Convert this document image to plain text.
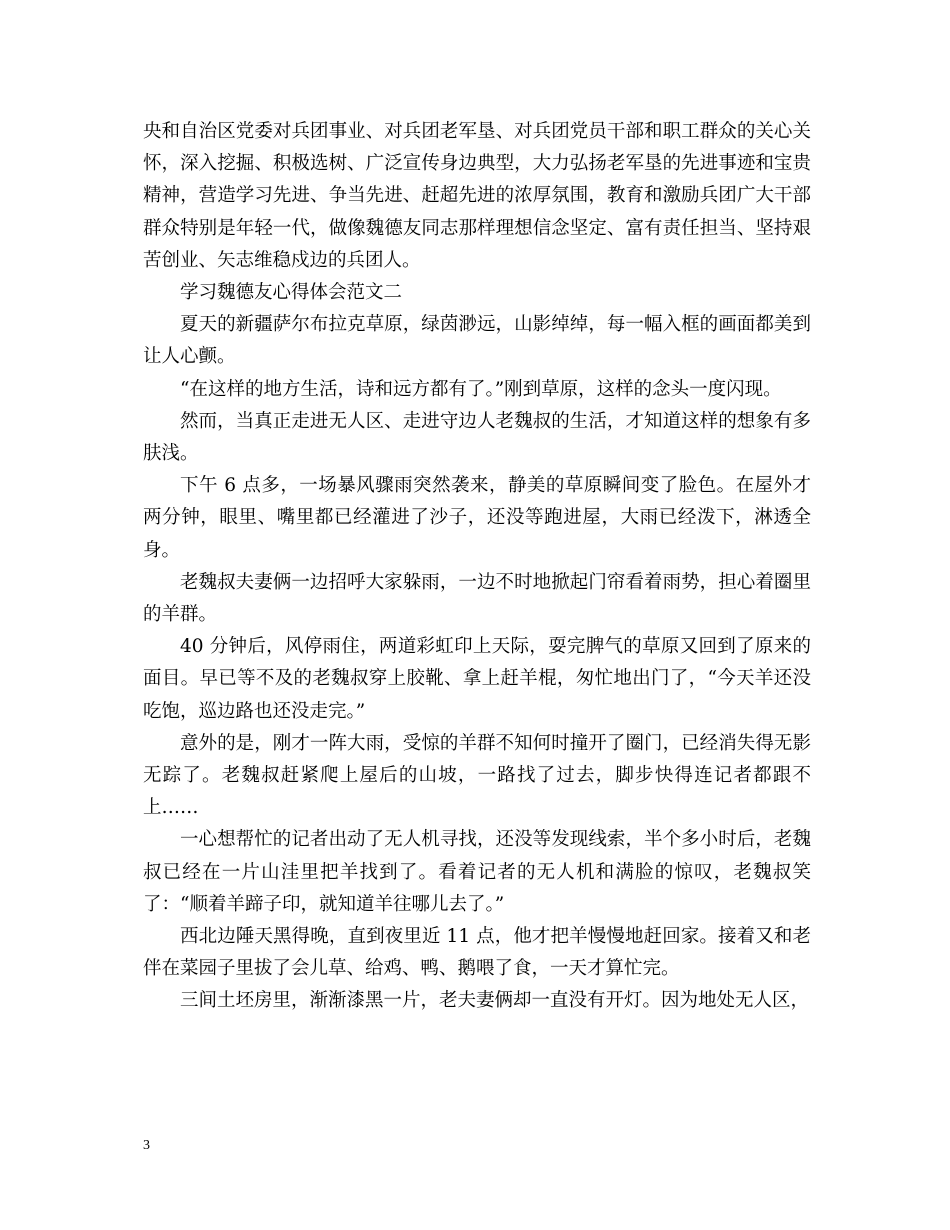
央和自治区党委对兵团事业、对兵团老军垦、对兵团党员干部和职工群众的关心关怀，深入挖掘、积极选树、广泛宣传身边典型，大力弘扬老军垦的先进事迹和宝贵精神，营造学习先进、争当先进、赶超先进的浓厚氛围，教育和激励兵团广大干部群众特别是年轻一代，做像魏德友同志那样理想信念坚定、富有责任担当、坚持艰苦创业、矢志维稳戍边的兵团人。

学习魏德友心得体会范文二

夏天的新疆萨尔布拉克草原，绿茵渺远，山影绰绰，每一幅入框的画面都美到让人心颤。

“在这样的地方生活，诗和远方都有了。”刚到草原，这样的念头一度闪现。

然而，当真正走进无人区、走进守边人老魏叔的生活，才知道这样的想象有多肤浅。

下午 6 点多，一场暴风骤雨突然袭来，静美的草原瞬间变了脸色。在屋外才两分钟，眼里、嘴里都已经灌进了沙子，还没等跑进屋，大雨已经泼下，淋透全身。

老魏叔夫妻俩一边招呼大家躲雨，一边不时地掀起门帘看着雨势，担心着圈里的羊群。

40 分钟后，风停雨住，两道彩虹印上天际，耍完脾气的草原又回到了原来的面目。早已等不及的老魏叔穿上胶靴、拿上赶羊棍，匆忙地出门了，“今天羊还没吃饱，巡边路也还没走完。”

意外的是，刚才一阵大雨，受惊的羊群不知何时撞开了圈门，已经消失得无影无踪了。老魏叔赶紧爬上屋后的山坡，一路找了过去，脚步快得连记者都跟不上……

一心想帮忙的记者出动了无人机寻找，还没等发现线索，半个多小时后，老魏叔已经在一片山洼里把羊找到了。看着记者的无人机和满脸的惊叹，老魏叔笑了：“顺着羊蹄子印，就知道羊往哪儿去了。”

西北边陲天黑得晚，直到夜里近 11 点，他才把羊慢慢地赶回家。接着又和老伴在菜园子里拔了会儿草、给鸡、鸭、鹅喂了食，一天才算忙完。

三间土坯房里，渐渐漆黑一片，老夫妻俩却一直没有开灯。因为地处无人区，

3
